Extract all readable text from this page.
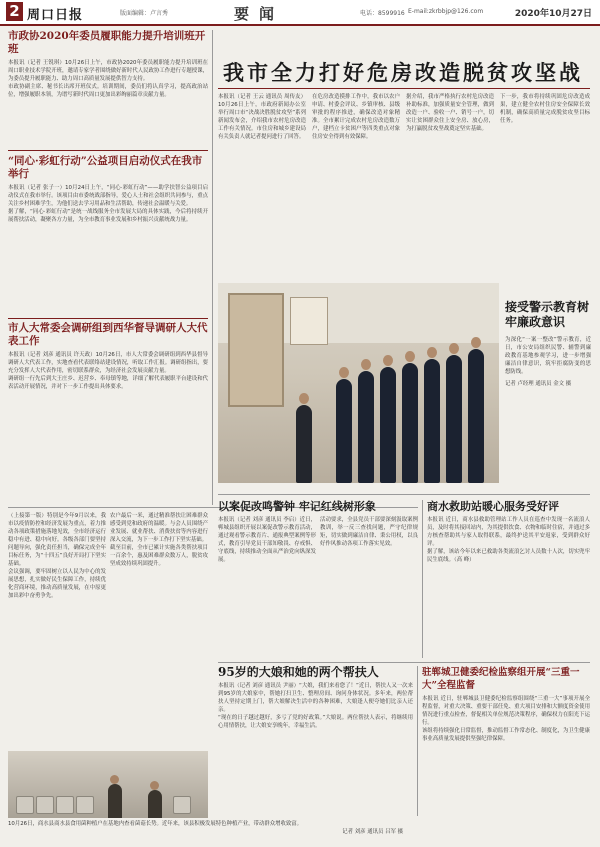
2 周口日报	版面编辑：卢言秀	要闻	电话：8599916 E-mail:zkrbbjp@126.com	2020年10月27日
市政协2020年委员履职能力提升培训班开班

本报讯（记者 王锐琪）10月26日上午，市政协2020年委员履职能力提升培训班在周口职业技术学院开班，邀请专家学者围绕做好新时代人民政协工作进行专题授课，为委员提升履职能力、助力周口高质量发展提供智力支持。

市政协副主席、秘书长出席开班仪式。培训期间，委员们将认真学习，提高政治站位，增强履职本领，为谱写新时代周口更加出彩绚丽篇章贡献力量。

“同心·彩虹行动”公益项目启动仪式在我市举行

本报讯（记者 张子一）10月24日上午，“同心·彩虹行动”——助学扶智公益项目启动仪式在我市举行。该项目由市委统战部指导，爱心人士和社会组织共同参与，重点关注乡村困难学生，为他们送去学习用品和生活帮助，传递社会温暖与关爱。

据了解，“同心·彩虹行动”是统一战线服务全市发展大局的具体实践，今后将持续开展帮扶活动，凝聚各方力量，为全市教育事业发展和乡村振兴贡献统战力量。

市人大常委会调研组到西华督导调研人大代表工作

本报讯（记者 刘彦 通讯员 许天政）10月26日，市人大常委会调研组到西华县督导调研人大代表工作，实地查看代表联络站建设情况，听取工作汇报。调研组指出，要充分发挥人大代表作用，密切联系群众，为经济社会发展贡献力量。

调研组一行先后到大王庄乡、迟营乡、奉母镇等地，详细了解代表履职平台建设和代表活动开展情况，并对下一步工作提出具体要求。

（上接第一版）特别是今年9月以来，我市以疫情防控和经济发展为重点，着力推动各项政策措施落地见效，全市经济运行稳中有进、稳中向好。各级各部门要坚持问题导向，强化责任担当，确保完成全年目标任务，为“十四五”良好开局打下坚实基础。

会议强调，要牢固树立以人民为中心的发展思想，扎实做好民生保障工作，持续优化营商环境，推动高质量发展，在中原更加出彩中奋勇争先。

农户最后一米，通过精准帮扶让困难群众感受到党和政府的温暖。与会人员围绕产业发展、就业帮扶、消费扶贫等内容进行深入交流，为下一步工作打下坚实基础。

截至目前，全市已累计实施各类帮扶项目一百余个，惠及困难群众数万人，脱贫攻坚成效持续巩固提升。

10月26日，商水县商水县食用菌种植户在基地内查看菌菇长势。近年来，该县积极发展特色种植产业，带动群众增收致富。

记者 刘彦 通讯员 吕军 摄

我市全力打好危房改造脱贫攻坚战

本报讯（记者 王云 通讯员 周传友）10月26日上午，市政府新闻办公室举行周口市“决战决胜脱贫攻坚”系列新闻发布会，介绍我市农村危房改造工作有关情况。市住房和城乡建设局有关负责人就记者提问进行了回答。

在危房改造摸排工作中，我市以农户申请、村委会评议、乡镇审核、县级审批的程序推进，确保改造对象精准。全市累计完成农村危房改造数万户，建档立卡贫困户等四类重点对象住房安全得到有效保障。

据介绍，我市严格执行农村危房改造补助标准，加强质量安全管理，做到改造一户、验收一户、销号一户，切实让贫困群众住上安全房、放心房，为打赢脱贫攻坚战奠定坚实基础。

下一步，我市将持续巩固危房改造成果，建立健全农村住房安全保障长效机制，确保高质量完成脱贫攻坚目标任务。

接受警示教育树牢廉政意识

为深化“一案一整改”警示教育，近日，市公安局组织民警、辅警到廉政教育基地参观学习，进一步增强廉洁自律意识，筑牢拒腐防变的思想防线。

记者 卢经理 通讯员 金文 摄

以案促改鸣警钟 牢记红线树形象

本报讯（记者 刘彦 通讯员 李启）近日，郸城县组织开展以案促改警示教育活动，通过观看警示教育片、通报典型案例等形式，教育引导党员干部知敬畏、存戒惧、守底线，持续推动全面从严治党向纵深发展。

活动要求，全县党员干部要深刻汲取案例教训，举一反三查找问题，严守纪律规矩，切实做到廉洁自律、秉公用权，以良好作风推动各项工作落实见效。

商水救助站暖心服务受好评

本报讯 近日，商水县救助管理站工作人员在巡查中发现一名流浪人员，及时将其接回站内，为其提供饮食、衣物和临时住宿，并通过多方核查帮助其与家人取得联系，最终护送其平安返家，受到群众好评。

据了解，该站今年以来已救助各类流浪乞讨人员数十人次，切实兜牢民生底线。（高 峰）

95岁的大娘和她的两个帮扶人

本报讯（记者 刘彦 通讯员 尹丽）“大娘，我们来看您了！”近日，帮扶人又一次来到95岁的大娘家中，帮她打扫卫生、整理房间、询问身体状况。多年来，两位帮扶人坚持定期上门，帮大娘解决生活中的各种困难，大娘逢人便夸她们比亲人还亲。

“现在的日子越过越好，多亏了党的好政策。”大娘说。两位帮扶人表示，将继续用心用情帮扶，让大娘安享晚年，幸福生活。

驻郸城卫健委纪检监察组开展“三重一大”全程监督

本报讯 近日，驻郸城县卫健委纪检监察组围绕“三重一大”事项开展全程监督，对重大决策、重要干部任免、重大项目安排和大额度资金使用情况进行重点检查，督促相关单位规范决策程序，确保权力在阳光下运行。

该组将持续强化日常监督，推动监督工作常态化、制度化，为卫生健康事业高质量发展提供坚强纪律保障。
